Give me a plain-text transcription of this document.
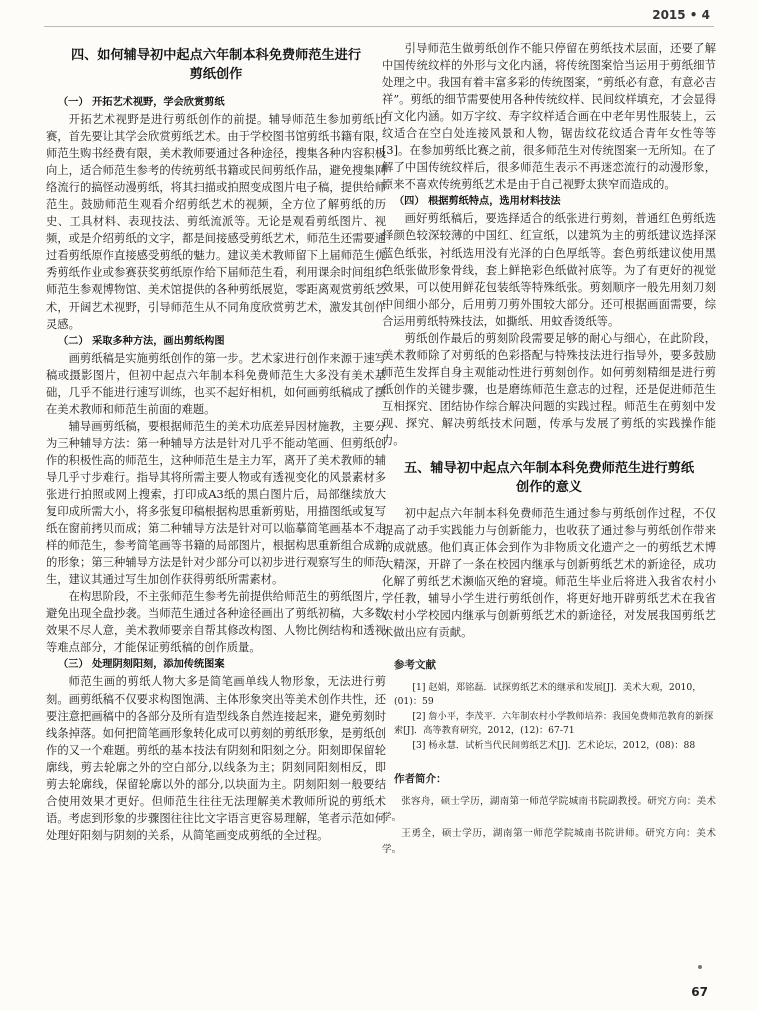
2015 • 4
四、如何辅导初中起点六年制本科免费师范生进行
剪纸创作

（一） 开拓艺术视野，学会欣赏剪纸

开拓艺术视野是进行剪纸创作的前提。辅导师范生参加剪纸比赛，首先要让其学会欣赏剪纸艺术。由于学校图书馆剪纸书籍有限，师范生购书经费有限，美术教师要通过各种途径，搜集各种内容积极向上，适合师范生参考的传统剪纸书籍或民间剪纸作品，避免搜集网络流行的搞怪动漫剪纸，将其扫描或拍照变成图片电子稿，提供给师范生。鼓励师范生观看介绍剪纸艺术的视频，全方位了解剪纸的历史、工具材料、表现技法、剪纸流派等。无论是观看剪纸图片、视频，或是介绍剪纸的文字，都是间接感受剪纸艺术，师范生还需要通过看剪纸原作直接感受剪纸的魅力。建议美术教师留下上届师范生优秀剪纸作业或参赛获奖剪纸原作给下届师范生看，利用课余时间组织师范生参观博物馆、美术馆提供的各种剪纸展览，零距离观赏剪纸艺术，开阔艺术视野，引导师范生从不同角度欣赏剪艺术，激发其创作灵感。

（二） 采取多种方法，画出剪纸构图

画剪纸稿是实施剪纸创作的第一步。艺术家进行创作来源于速写稿或摄影图片，但初中起点六年制本科免费师范生大多没有美术基础，几乎不能进行速写训练，也买不起好相机，如何画剪纸稿成了摆在美术教师和师范生前面的难题。

辅导画剪纸稿，要根据师范生的美术功底差异因材施教，主要分为三种辅导方法：第一种辅导方法是针对几乎不能动笔画、但剪纸创作的积极性高的师范生，这种师范生是主力军，离开了美术教师的辅导几乎寸步难行。指导其将所需主要人物或有透视变化的风景素材多张进行拍照或网上搜索，打印成A3纸的黑白图片后，局部继续放大复印成所需大小，将多张复印稿根据构思重新剪贴，用描图纸或复写纸在窗前拷贝而成；第二种辅导方法是针对可以临摹简笔画基本不走样的师范生，参考简笔画等书籍的局部图片，根据构思重新组合成新的形象；第三种辅导方法是针对少部分可以初步进行观察写生的师范生，建议其通过写生加创作获得剪纸所需素材。

在构思阶段，不主张师范生参考先前提供给师范生的剪纸图片，避免出现全盘抄袭。当师范生通过各种途径画出了剪纸初稿，大多数效果不尽人意，美术教师要亲自帮其修改构图、人物比例结构和透视等难点部分，才能保证剪纸稿的创作质量。

（三） 处理阴刻阳刻，添加传统图案

师范生画的剪纸人物大多是简笔画单线人物形象，无法进行剪刻。画剪纸稿不仅要求构图饱满、主体形象突出等美术创作共性，还要注意把画稿中的各部分及所有造型线条自然连接起来，避免剪刻时线条掉落。如何把简笔画形象转化成可以剪刻的剪纸形象，是剪纸创作的又一个难题。剪纸的基本技法有阴刻和阳刻之分。阳刻即保留轮廓线，剪去轮廓之外的空白部分,以线条为主；阴刻同阳刻相反，即剪去轮廓线，保留轮廓以外的部分,以块面为主。阴刻阳刻一般要结合使用效果才更好。但师范生往往无法理解美术教师所说的剪纸术语。考虑到形象的步骤图往往比文字语言更容易理解，笔者示范如何处理好阳刻与阴刻的关系，从简笔画变成剪纸的全过程。

引导师范生做剪纸创作不能只停留在剪纸技术层面，还要了解中国传统纹样的外形与文化内涵，将传统图案恰当运用于剪纸细节处理之中。我国有着丰富多彩的传统图案，“剪纸必有意，有意必吉祥”。剪纸的细节需要使用各种传统纹样、民间纹样填充，才会显得有文化内涵。如万字纹、寿字纹样适合画在中老年男性服装上，云纹适合在空白处连接风景和人物，锯齿纹花纹适合青年女性等等[3]。在参加剪纸比赛之前，很多师范生对传统图案一无所知。在了解了中国传统纹样后，很多师范生表示不再迷恋流行的动漫形象，原来不喜欢传统剪纸艺术是由于自己视野太狭窄而造成的。

（四） 根据剪纸特点，选用材料技法

画好剪纸稿后，要选择适合的纸张进行剪刻，普通红色剪纸选择颜色较深较薄的中国红、红宣纸，以建筑为主的剪纸建议选择深蓝色纸张，衬纸选用没有光泽的白色厚纸等。套色剪纸建议使用黑色纸张做形象骨线，套上鲜艳彩色纸做衬底等。为了有更好的视觉效果，可以使用鲜花包装纸等特殊纸张。剪刻顺序一般先用刻刀刻中间细小部分，后用剪刀剪外围较大部分。还可根据画面需要，综合运用剪纸特殊技法，如撕纸、用蚊香烫纸等。

剪纸创作最后的剪刻阶段需要足够的耐心与细心，在此阶段，美术教师除了对剪纸的色彩搭配与特殊技法进行指导外，要多鼓励师范生发挥自身主观能动性进行剪刻创作。如何剪刻精细是进行剪纸创作的关键步骤，也是磨练师范生意志的过程，还是促进师范生互相探究、团结协作综合解决问题的实践过程。师范生在剪刻中发现、探究、解决剪纸技术问题，传承与发展了剪纸的实践操作能力。

五、辅导初中起点六年制本科免费师范生进行剪纸
创作的意义

初中起点六年制本科免费师范生通过参与剪纸创作过程，不仅提高了动手实践能力与创新能力，也收获了通过参与剪纸创作带来的成就感。他们真正体会到作为非物质文化遗产之一的剪纸艺术博大精深，开辟了一条在校园内继承与创新剪纸艺术的新途径，成功化解了剪纸艺术濒临灭绝的窘境。师范生毕业后将进入我省农村小学任教，辅导小学生进行剪纸创作，将更好地开辟剪纸艺术在我省农村小学校园内继承与创新剪纸艺术的新途径，对发展我国剪纸艺术做出应有贡献。

参考文献

[1] 赵娟，郑铭磊．试探剪纸艺术的继承和发展[J]．美术大观，2010，(01)：59

[2] 詹小平，李茂平．六年制农村小学教师培养：我国免费师范教育的新探索[J]．高等教育研究，2012，(12)：67-71

[3] 杨永慧．试析当代民间剪纸艺术[J]．艺术论坛，2012，(08)：88

作者简介：

张容舟，硕士学历，湖南第一师范学院城南书院副教授。研究方向：美术学。

王勇全，硕士学历，湖南第一师范学院城南书院讲师。研究方向：美术学。

67
